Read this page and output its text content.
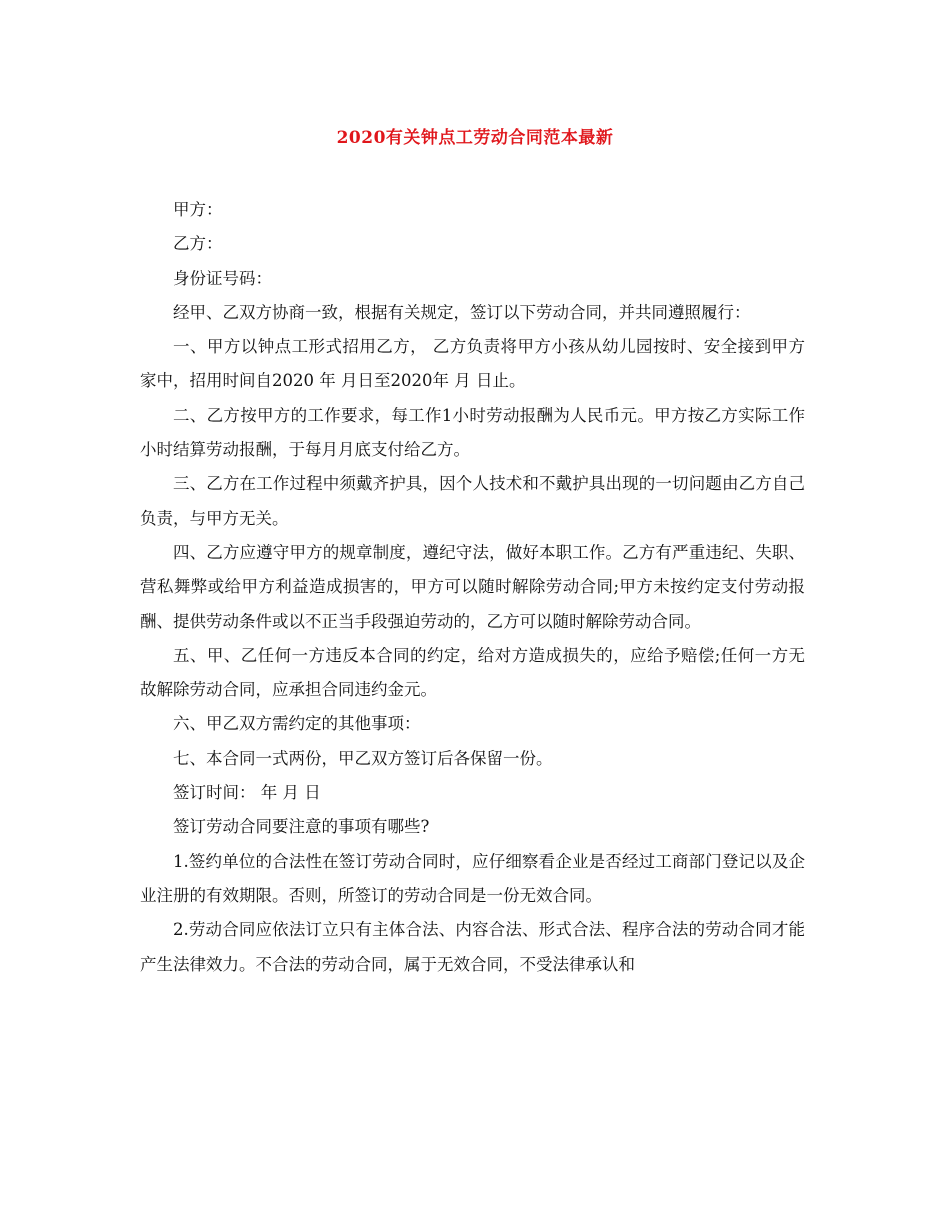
2020有关钟点工劳动合同范本最新

甲方：

乙方：

身份证号码：

经甲、乙双方协商一致，根据有关规定，签订以下劳动合同，并共同遵照履行：

一、甲方以钟点工形式招用乙方， 乙方负责将甲方小孩从幼儿园按时、安全接到甲方家中，招用时间自2020 年 月日至2020年 月 日止。

二、乙方按甲方的工作要求，每工作1小时劳动报酬为人民币元。甲方按乙方实际工作小时结算劳动报酬，于每月月底支付给乙方。

三、乙方在工作过程中须戴齐护具，因个人技术和不戴护具出现的一切问题由乙方自己负责，与甲方无关。

四、乙方应遵守甲方的规章制度，遵纪守法，做好本职工作。乙方有严重违纪、失职、营私舞弊或给甲方利益造成损害的，甲方可以随时解除劳动合同;甲方未按约定支付劳动报酬、提供劳动条件或以不正当手段强迫劳动的，乙方可以随时解除劳动合同。

五、甲、乙任何一方违反本合同的约定，给对方造成损失的，应给予赔偿;任何一方无故解除劳动合同，应承担合同违约金元。

六、甲乙双方需约定的其他事项：

七、本合同一式两份，甲乙双方签订后各保留一份。

签订时间： 年 月 日

签订劳动合同要注意的事项有哪些?

1.签约单位的合法性在签订劳动合同时，应仔细察看企业是否经过工商部门登记以及企业注册的有效期限。否则，所签订的劳动合同是一份无效合同。

2.劳动合同应依法订立只有主体合法、内容合法、形式合法、程序合法的劳动合同才能产生法律效力。不合法的劳动合同，属于无效合同，不受法律承认和
